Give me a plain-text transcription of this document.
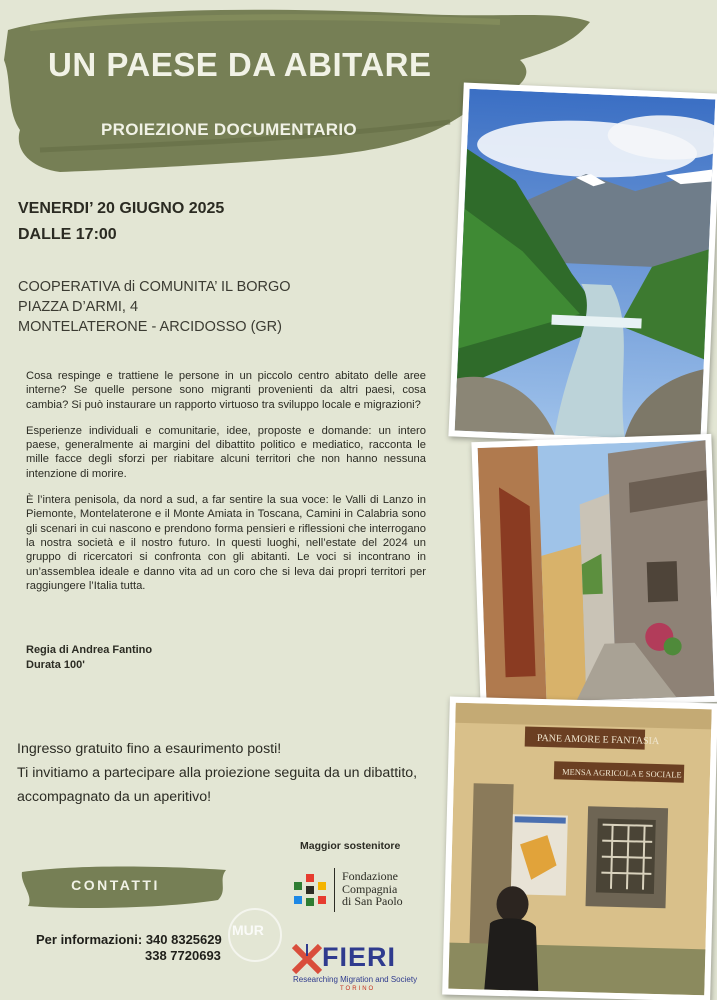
UN PAESE DA ABITARE
PROIEZIONE DOCUMENTARIO

VENERDI’ 20 GIUGNO 2025

DALLE 17:00

COOPERATIVA di COMUNITA’ IL BORGO
PIAZZA D’ARMI, 4
MONTELATERONE - ARCIDOSSO (GR)

Cosa respinge e trattiene le persone in un piccolo centro abitato delle aree interne? Se quelle persone sono migranti provenienti da altri paesi, cosa cambia? Si può instaurare un rapporto virtuoso tra sviluppo locale e migrazioni?

Esperienze individuali e comunitarie, idee, proposte e domande: un intero paese, generalmente ai margini del dibattito politico e mediatico, racconta le mille facce degli sforzi per riabitare alcuni territori che non hanno nessuna intenzione di morire.

È l’intera penisola, da nord a sud, a far sentire la sua voce: le Valli di Lanzo in Piemonte, Montelaterone e il Monte Amiata in Toscana, Camini in Calabria sono gli scenari in cui nascono e prendono forma pensieri e riflessioni che interrogano la nostra società e il nostro futuro. In questi luoghi, nell’estate del 2024 un gruppo di ricercatori si confronta con gli abitanti. Le voci si incontrano in un’assemblea ideale e danno vita ad un coro che si leva dai propri territori per raggiungere l’Italia tutta.

Regia di Andrea Fantino
Durata 100'
Ingresso gratuito fino a esaurimento posti!
Ti invitiamo a partecipare alla proiezione seguita da un dibattito,
accompagnato da un aperitivo!

CONTATTI

Per informazioni: 340 8325629
338 7720693
Maggior sostenitore
Fondazione
Compagnia
di San Paolo
MUR
FIERI
Researching Migration and Society
TORINO
PANE AMORE E FANTASIA
MENSA AGRICOLA E SOCIALE
